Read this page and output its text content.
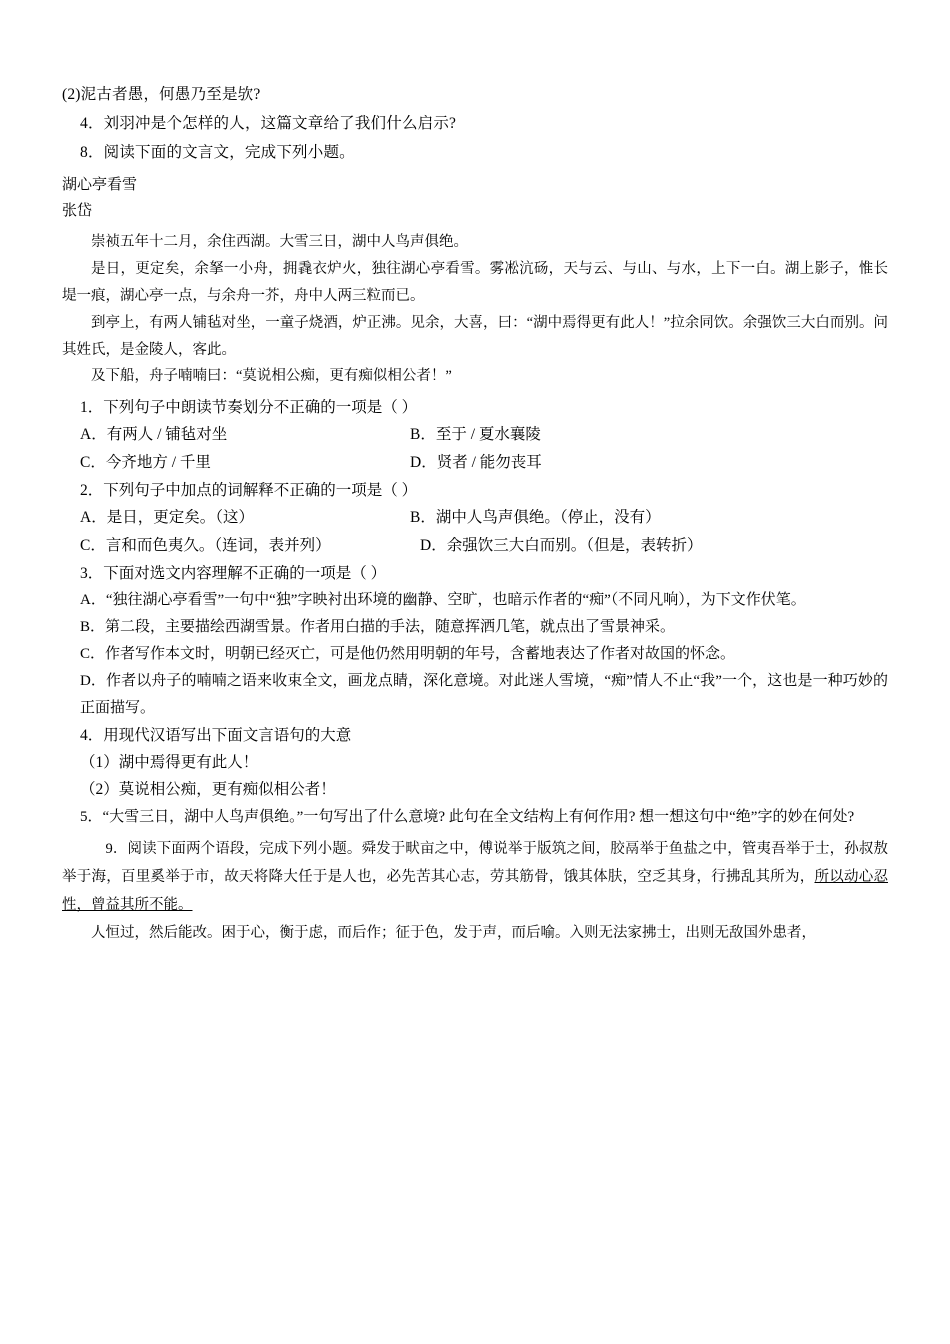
(2)泥古者愚，何愚乃至是欤?
4．刘羽冲是个怎样的人，这篇文章给了我们什么启示?
8．阅读下面的文言文，完成下列小题。
湖心亭看雪
张岱
崇祯五年十二月，余住西湖。大雪三日，湖中人鸟声俱绝。
是日，更定矣，余拏一小舟，拥毳衣炉火，独往湖心亭看雪。雾凇沆砀，天与云、与山、与水，上下一白。湖上影子，惟长堤一痕，湖心亭一点，与余舟一芥，舟中人两三粒而已。
到亭上，有两人铺毡对坐，一童子烧酒，炉正沸。见余，大喜，曰：“湖中焉得更有此人！”拉余同饮。余强饮三大白而别。问其姓氏，是金陵人，客此。
及下船，舟子喃喃曰：“莫说相公痴，更有痴似相公者！”
1．下列句子中朗读节奏划分不正确的一项是（ ）
A．有两人 / 铺毡对坐	B．至于 / 夏水襄陵
C．今齐地方 / 千里	D．贤者 / 能勿丧耳
2．下列句子中加点的词解释不正确的一项是（ ）
A．是日，更定矣。（这）	B．湖中人鸟声俱绝。（停止，没有）
C．言和而色夷久。（连词，表并列）	D．余强饮三大白而别。（但是，表转折）
3．下面对选文内容理解不正确的一项是（ ）
A．“独往湖心亭看雪”一句中“独”字映衬出环境的幽静、空旷，也暗示作者的“痴”（不同凡响），为下文作伏笔。
B．第二段，主要描绘西湖雪景。作者用白描的手法，随意挥洒几笔，就点出了雪景神采。
C．作者写作本文时，明朝已经灭亡，可是他仍然用明朝的年号，含蓄地表达了作者对故国的怀念。
D．作者以舟子的喃喃之语来收束全文，画龙点睛，深化意境。对此迷人雪境，“痴”情人不止“我”一个，这也是一种巧妙的正面描写。
4．用现代汉语写出下面文言语句的大意
（1）湖中焉得更有此人！
（2）莫说相公痴，更有痴似相公者！
5．“大雪三日，湖中人鸟声俱绝。”一句写出了什么意境? 此句在全文结构上有何作用? 想一想这句中“绝”字的妙在何处?
9．阅读下面两个语段，完成下列小题。舜发于畎亩之中，傅说举于版筑之间，胶鬲举于鱼盐之中，管夷吾举于士，孙叔敖举于海，百里奚举于市，故天将降大任于是人也，必先苦其心志，劳其筋骨，饿其体肤，空乏其身，行拂乱其所为，所以动心忍性，曾益其所不能。
人恒过，然后能改。困于心，衡于虑，而后作；征于色，发于声，而后喻。入则无法家拂士，出则无敌国外患者，
